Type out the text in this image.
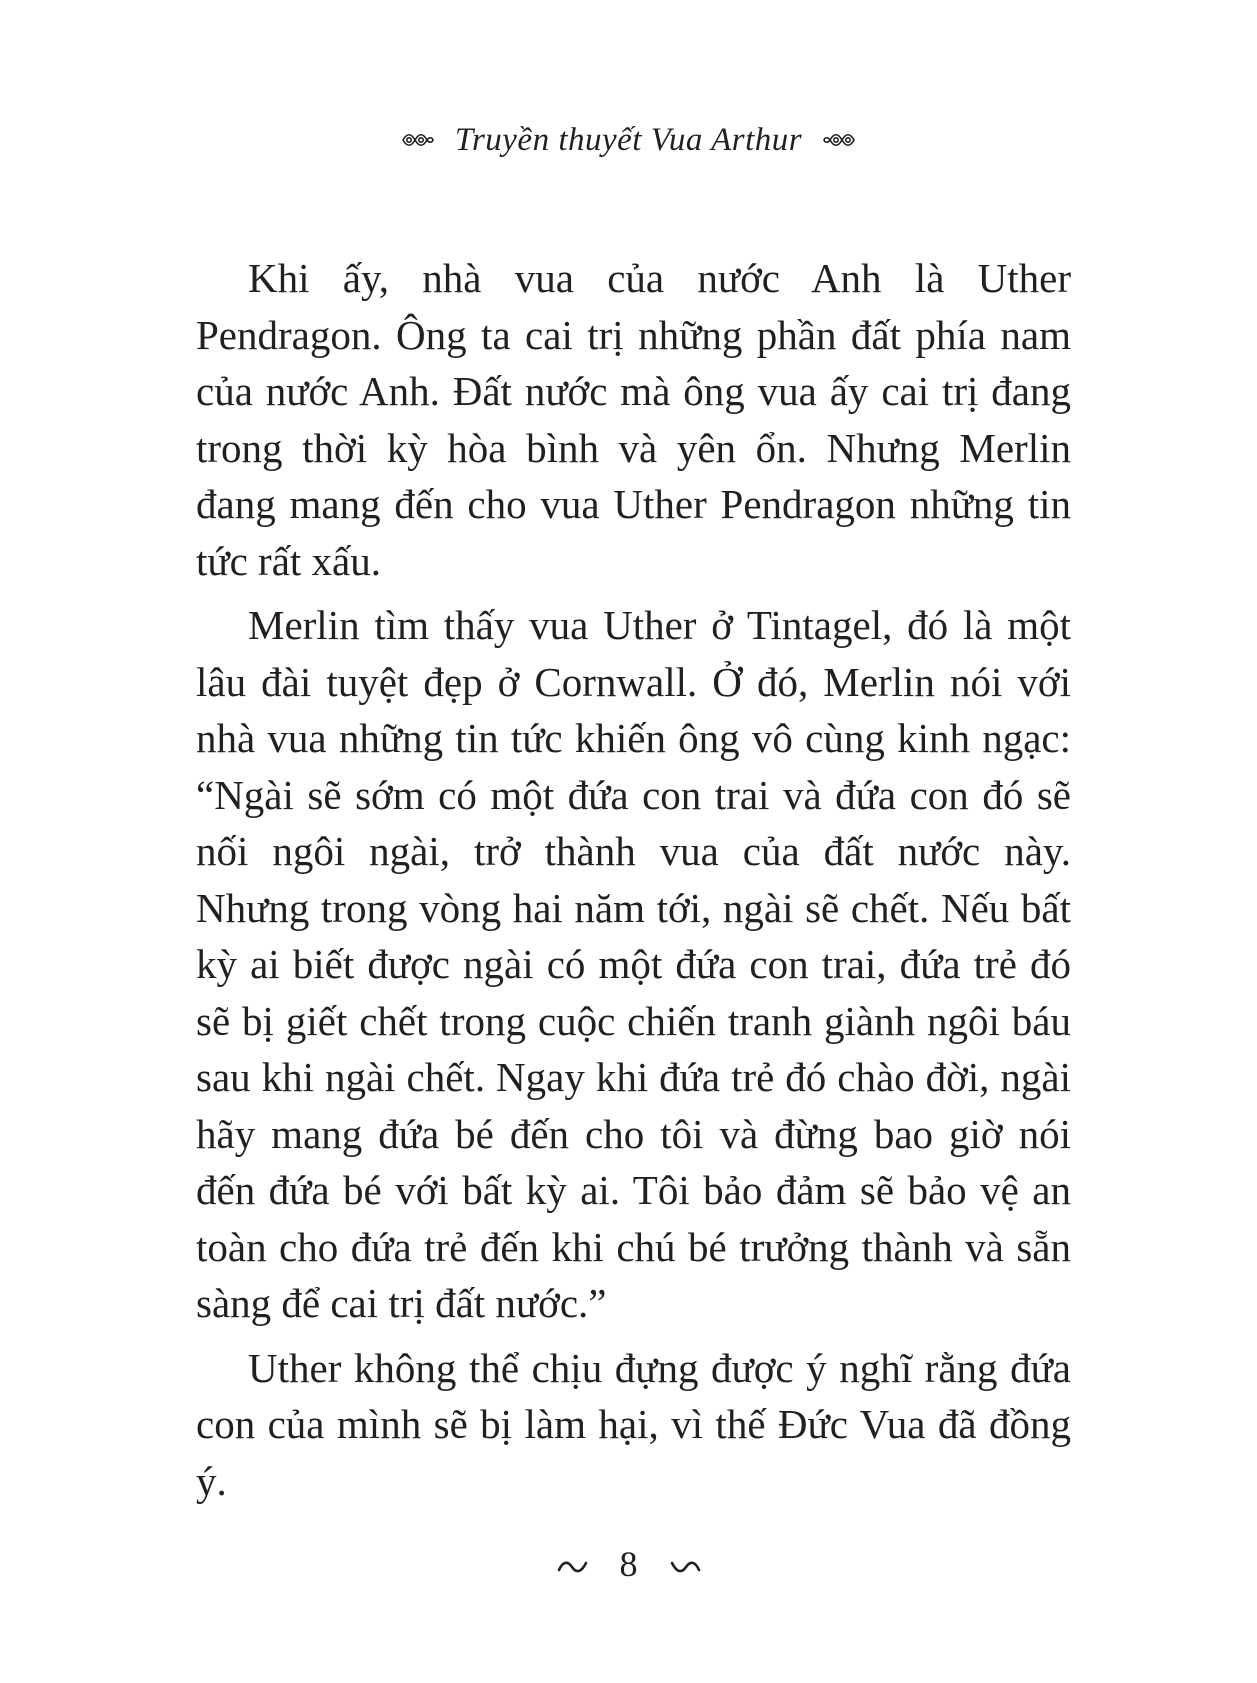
Truyền thuyết Vua Arthur

Khi ấy, nhà vua của nước Anh là Uther Pendragon. Ông ta cai trị những phần đất phía nam của nước Anh. Đất nước mà ông vua ấy cai trị đang trong thời kỳ hòa bình và yên ổn. Nhưng Merlin đang mang đến cho vua Uther Pendragon những tin tức rất xấu.

Merlin tìm thấy vua Uther ở Tintagel, đó là một lâu đài tuyệt đẹp ở Cornwall. Ở đó, Merlin nói với nhà vua những tin tức khiến ông vô cùng kinh ngạc: “Ngài sẽ sớm có một đứa con trai và đứa con đó sẽ nối ngôi ngài, trở thành vua của đất nước này. Nhưng trong vòng hai năm tới, ngài sẽ chết. Nếu bất kỳ ai biết được ngài có một đứa con trai, đứa trẻ đó sẽ bị giết chết trong cuộc chiến tranh giành ngôi báu sau khi ngài chết. Ngay khi đứa trẻ đó chào đời, ngài hãy mang đứa bé đến cho tôi và đừng bao giờ nói đến đứa bé với bất kỳ ai. Tôi bảo đảm sẽ bảo vệ an toàn cho đứa trẻ đến khi chú bé trưởng thành và sẵn sàng để cai trị đất nước.”

Uther không thể chịu đựng được ý nghĩ rằng đứa con của mình sẽ bị làm hại, vì thế Đức Vua đã đồng ý.

8
